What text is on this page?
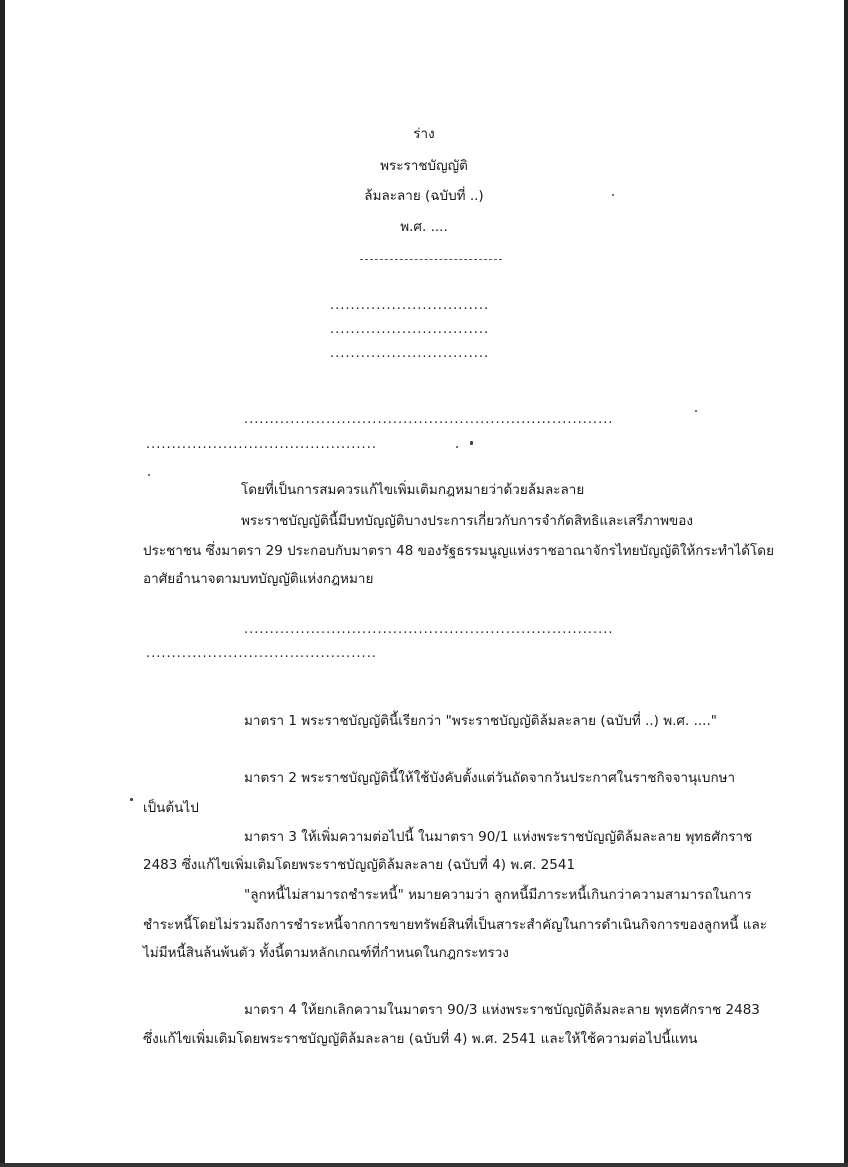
ร่าง
พระราชบัญญัติ
ล้มละลาย (ฉบับที่ ..)
พ.ศ. ....
...............................
...............................
...............................
........................................................................
.............................................
โดยที่เป็นการสมควรแก้ไขเพิ่มเติมกฎหมายว่าด้วยล้มละลาย
พระราชบัญญัตินี้มีบทบัญญัติบางประการเกี่ยวกับการจำกัดสิทธิและเสรีภาพของ
ประชาชน ซึ่งมาตรา 29 ประกอบกับมาตรา 48 ของรัฐธรรมนูญแห่งราชอาณาจักรไทยบัญญัติให้กระทำได้โดย
อาศัยอำนาจตามบทบัญญัติแห่งกฎหมาย
........................................................................
.............................................
มาตรา 1 พระราชบัญญัตินี้เรียกว่า "พระราชบัญญัติล้มละลาย (ฉบับที่ ..) พ.ศ. ...."
มาตรา 2 พระราชบัญญัตินี้ให้ใช้บังคับตั้งแต่วันถัดจากวันประกาศในราชกิจจานุเบกษา
เป็นต้นไป
มาตรา 3 ให้เพิ่มความต่อไปนี้ ในมาตรา 90/1 แห่งพระราชบัญญัติล้มละลาย พุทธศักราช
2483 ซึ่งแก้ไขเพิ่มเติมโดยพระราชบัญญัติล้มละลาย (ฉบับที่ 4) พ.ศ. 2541
"ลูกหนี้ไม่สามารถชำระหนี้" หมายความว่า ลูกหนี้มีภาระหนี้เกินกว่าความสามารถในการ
ชำระหนี้โดยไม่รวมถึงการชำระหนี้จากการขายทรัพย์สินที่เป็นสาระสำคัญในการดำเนินกิจการของลูกหนี้ และ
ไม่มีหนี้สินล้นพ้นตัว ทั้งนี้ตามหลักเกณฑ์ที่กำหนดในกฎกระทรวง
มาตรา 4 ให้ยกเลิกความในมาตรา 90/3 แห่งพระราชบัญญัติล้มละลาย พุทธศักราช 2483
ซึ่งแก้ไขเพิ่มเติมโดยพระราชบัญญัติล้มละลาย (ฉบับที่ 4) พ.ศ. 2541 และให้ใช้ความต่อไปนี้แทน
